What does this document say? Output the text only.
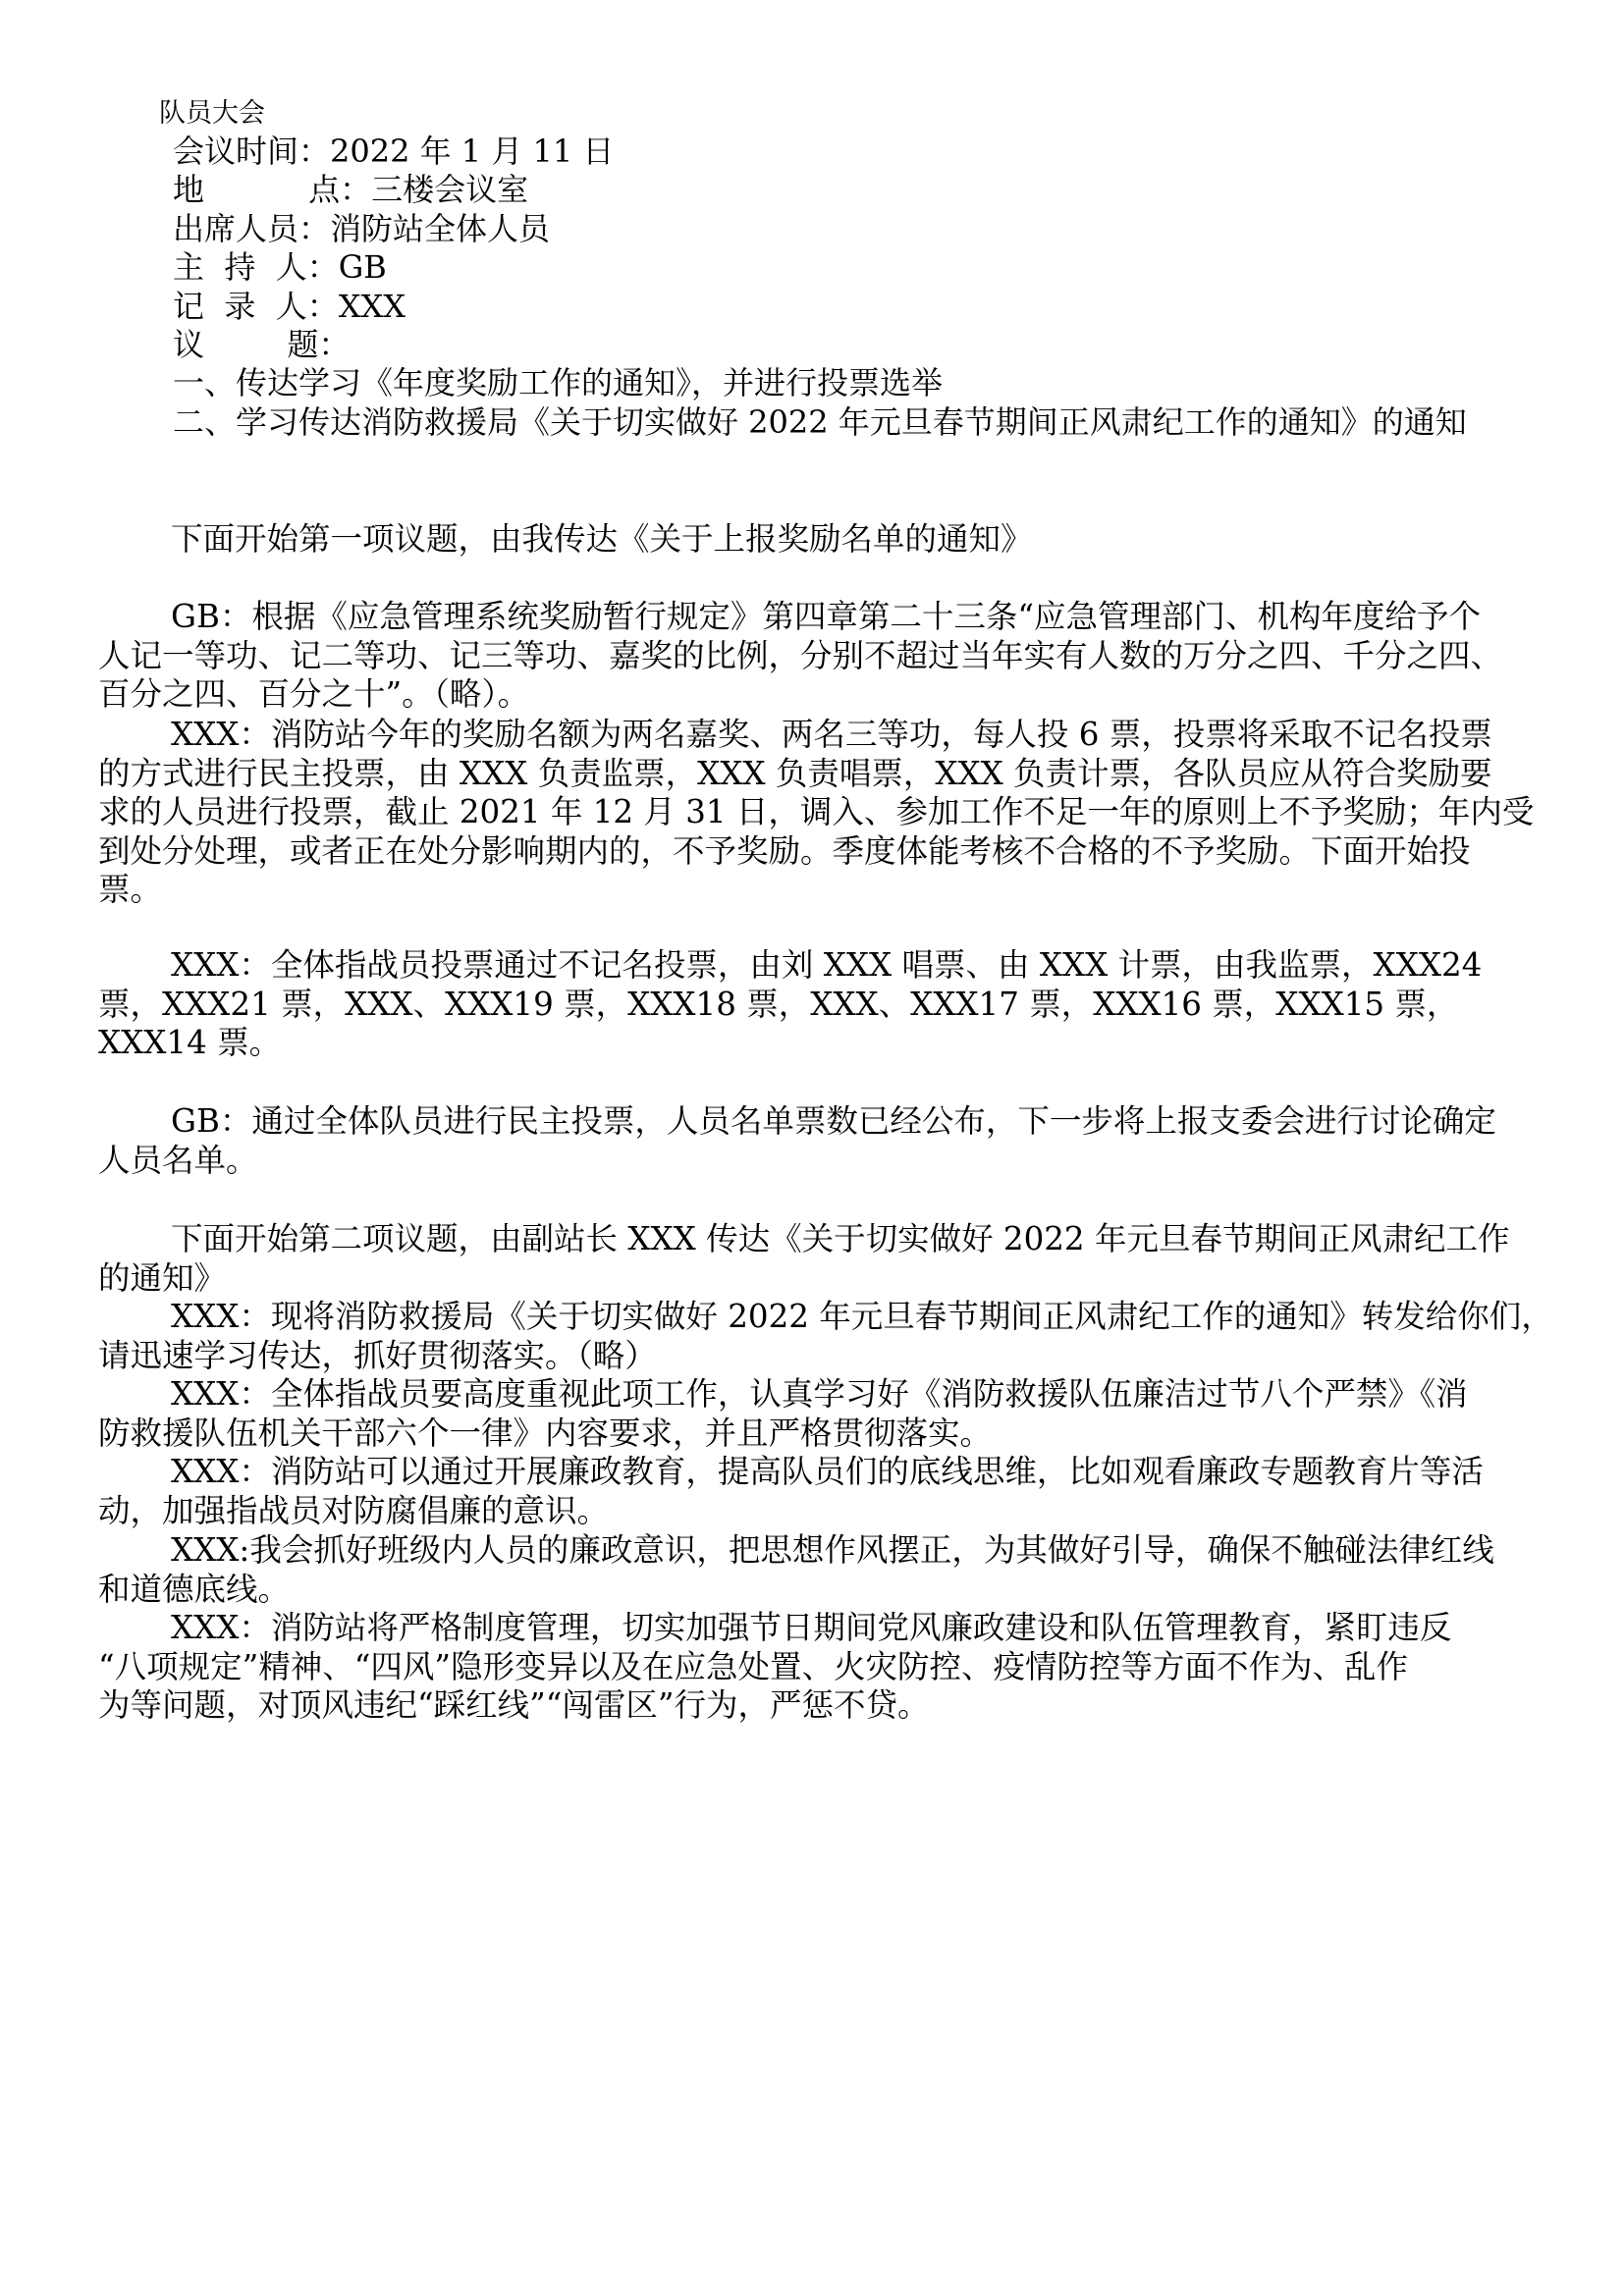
队员大会
会议时间：2022 年 1 月 11 日
地　　　 点：三楼会议室
出席人员：消防站全体人员
主  持  人：GB
记  录  人：XXX
议　　  题：
一、传达学习《年度奖励工作的通知》，并进行投票选举
二、学习传达消防救援局《关于切实做好 2022 年元旦春节期间正风肃纪工作的通知》的通知
下面开始第一项议题，由我传达《关于上报奖励名单的通知》
GB：根据《应急管理系统奖励暂行规定》第四章第二十三条“应急管理部门、机构年度给予个
人记一等功、记二等功、记三等功、嘉奖的比例，分别不超过当年实有人数的万分之四、千分之四、
百分之四、百分之十”。（略）。
XXX：消防站今年的奖励名额为两名嘉奖、两名三等功，每人投 6 票，投票将采取不记名投票
的方式进行民主投票，由 XXX 负责监票，XXX 负责唱票，XXX 负责计票，各队员应从符合奖励要
求的人员进行投票，截止 2021 年 12 月 31 日，调入、参加工作不足一年的原则上不予奖励；年内受
到处分处理，或者正在处分影响期内的，不予奖励。季度体能考核不合格的不予奖励。下面开始投
票。
XXX：全体指战员投票通过不记名投票，由刘 XXX 唱票、由 XXX 计票，由我监票，XXX24
票，XXX21 票，XXX、XXX19 票，XXX18 票，XXX、XXX17 票，XXX16 票，XXX15 票，
XXX14 票。
GB：通过全体队员进行民主投票，人员名单票数已经公布，下一步将上报支委会进行讨论确定
人员名单。
下面开始第二项议题，由副站长 XXX 传达《关于切实做好 2022 年元旦春节期间正风肃纪工作
的通知》
XXX：现将消防救援局《关于切实做好 2022 年元旦春节期间正风肃纪工作的通知》转发给你们，
请迅速学习传达，抓好贯彻落实。（略）
XXX：全体指战员要高度重视此项工作，认真学习好《消防救援队伍廉洁过节八个严禁》《消
防救援队伍机关干部六个一律》内容要求，并且严格贯彻落实。
XXX：消防站可以通过开展廉政教育，提高队员们的底线思维，比如观看廉政专题教育片等活
动，加强指战员对防腐倡廉的意识。
XXX:我会抓好班级内人员的廉政意识，把思想作风摆正，为其做好引导，确保不触碰法律红线
和道德底线。
XXX：消防站将严格制度管理，切实加强节日期间党风廉政建设和队伍管理教育，紧盯违反
“八项规定”精神、“四风”隐形变异以及在应急处置、火灾防控、疫情防控等方面不作为、乱作
为等问题，对顶风违纪“踩红线”“闯雷区”行为，严惩不贷。
